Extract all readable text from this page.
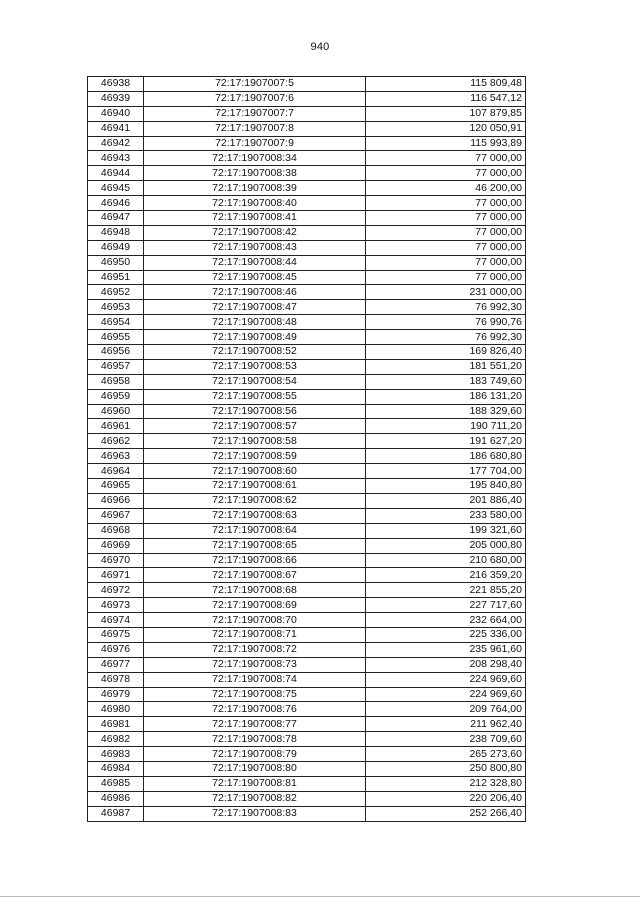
940
46938	72:17:1907007:5	115 809,48
46939	72:17:1907007:6	116 547,12
46940	72:17:1907007:7	107 879,85
46941	72:17:1907007:8	120 050,91
46942	72:17:1907007:9	115 993,89
46943	72:17:1907008:34	77 000,00
46944	72:17:1907008:38	77 000,00
46945	72:17:1907008:39	46 200,00
46946	72:17:1907008:40	77 000,00
46947	72:17:1907008:41	77 000,00
46948	72:17:1907008:42	77 000,00
46949	72:17:1907008:43	77 000,00
46950	72:17:1907008:44	77 000,00
46951	72:17:1907008:45	77 000,00
46952	72:17:1907008:46	231 000,00
46953	72:17:1907008:47	76 992,30
46954	72:17:1907008:48	76 990,76
46955	72:17:1907008:49	76 992,30
46956	72:17:1907008:52	169 826,40
46957	72:17:1907008:53	181 551,20
46958	72:17:1907008:54	183 749,60
46959	72:17:1907008:55	186 131,20
46960	72:17:1907008:56	188 329,60
46961	72:17:1907008:57	190 711,20
46962	72:17:1907008:58	191 627,20
46963	72:17:1907008:59	186 680,80
46964	72:17:1907008:60	177 704,00
46965	72:17:1907008:61	195 840,80
46966	72:17:1907008:62	201 886,40
46967	72:17:1907008:63	233 580,00
46968	72:17:1907008:64	199 321,60
46969	72:17:1907008:65	205 000,80
46970	72:17:1907008:66	210 680,00
46971	72:17:1907008:67	216 359,20
46972	72:17:1907008:68	221 855,20
46973	72:17:1907008:69	227 717,60
46974	72:17:1907008:70	232 664,00
46975	72:17:1907008:71	225 336,00
46976	72:17:1907008:72	235 961,60
46977	72:17:1907008:73	208 298,40
46978	72:17:1907008:74	224 969,60
46979	72:17:1907008:75	224 969,60
46980	72:17:1907008:76	209 764,00
46981	72:17:1907008:77	211 962,40
46982	72:17:1907008:78	238 709,60
46983	72:17:1907008:79	265 273,60
46984	72:17:1907008:80	250 800,80
46985	72:17:1907008:81	212 328,80
46986	72:17:1907008:82	220 206,40
46987	72:17:1907008:83	252 266,40
